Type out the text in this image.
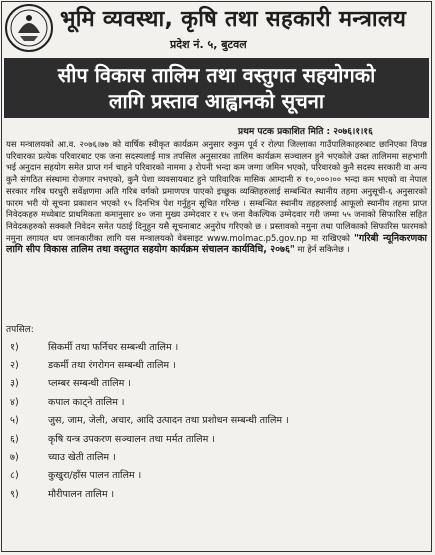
भूमि व्यवस्था, कृषि तथा सहकारी मन्त्रालय
प्रदेश नं. ५, बुटवल
सीप विकास तालिम तथा वस्तुगत सहयोगको
लागि प्रस्ताव आह्वानको सूचना
प्रथम पटक प्रकाशित मिति : २०७६।१।१६
यस मन्त्रालयको आ.व. २०७६।७७ को वार्षिक स्वीकृत कार्यक्रम अनुसार रुकुम पूर्व र रोल्पा जिल्लाका गाउँपालिकाहरुबाट छानिएका विपन्न परिवारका प्रत्येक परिवारबाट एक जना सदस्यलाई मात्र तपसिल अनुसारका तालिम कार्यक्रम सञ्चालन हुने भएकोले उक्त तालिममा सहभागी भई अनुदान सहयोग समेत प्राप्त गर्न चाहने परिवारको नाममा ३ रोपनी भन्दा कम जग्गा जमिन भएको, परिवारको कुनै सदस्य सरकारी वा अन्य कुनै संगठित संस्थामा रोजगार नभएको, कुनै पेशा व्यवसायबाट हुने पारिवारिक मासिक आम्दानी रु १०,०००।०० भन्दा कम भएको वा नेपाल सरकार गरिब घरधुरी सर्वेक्षणमा अति गरिब वर्गको प्रमाणपत्र पाएको इच्छुक व्यक्तिहरुलाई सम्बन्धित स्थानीय तहमा अनुसूची-६ अनुसारको फारम भरी यो सूचना प्रकाशन भएको १५ दिनभित्र पेश गर्नुहुन सूचित गरिन्छ । सम्बन्धित स्थानीय तहहरुलाई आफूलो स्थानीय तहमा प्राप्त निवेदकहरु मध्येबाट प्राथमिकता कमानुसार ४० जना मुख्य उम्मेदवार र १५ जना वैकल्पिक उम्मेदवार गरी जम्मा ५५ जनाको सिफारिस सहित निवेदकहरुको सक्कलै निवेदन समेत पठाई दिनुहुन यसै सूचनाबाट अनुरोध गरिएको छ । प्रस्तावको नमुना तथा पालिकाको सिफारिस फारमको नमुना लगायत थप जानकारीका लागि यस मन्त्रालयको वेबसाइट www.molmac.p5.gov.np मा राखिएको "गरिबी न्यूनिकरणका लागि सीप विकास तालिम तथा वस्तुगत सहयोग कार्यक्रम संचालन कार्यविधि, २०७६" मा हेर्न सकिनेछ ।
तपसिल:
१)	सिकर्मी तथा फर्निचर सम्बन्धी तालिम ।
२)	डकर्मी तथा रंगरोगन सम्बन्धी तालिम ।
३)	प्लम्बर सम्बन्धी तालिम ।
४)	कपाल काट्ने तालिम ।
५)	जुस, जाम, जेली, अचार, आदि उत्पादन तथा प्रशोधन सम्बन्धी तालिम ।
६)	कृषि यन्त्र उपकरण सञ्चालन तथा मर्मत तालिम ।
७)	च्याउ खेती तालिम ।
८)	कुखुरा/हाँस पालन तालिम ।
९)	मौरीपालन तालिम ।
